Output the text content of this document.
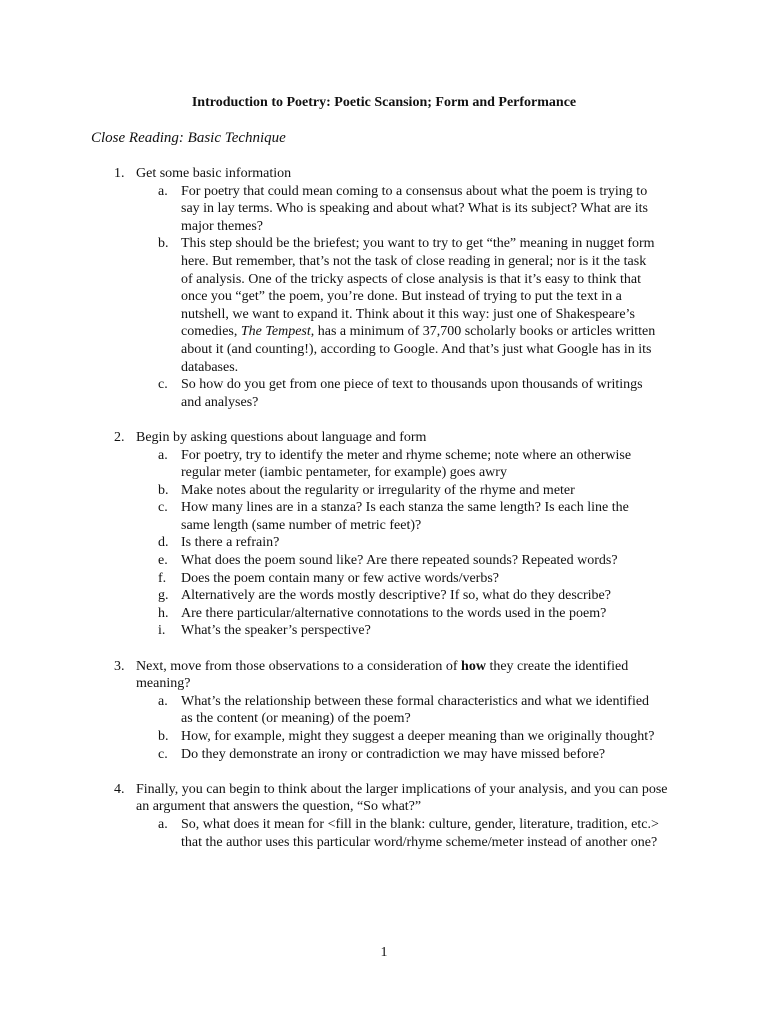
Introduction to Poetry: Poetic Scansion; Form and Performance
Close Reading: Basic Technique
1. Get some basic information
a. For poetry that could mean coming to a consensus about what the poem is trying to say in lay terms. Who is speaking and about what? What is its subject? What are its major themes?
b. This step should be the briefest; you want to try to get “the” meaning in nugget form here. But remember, that’s not the task of close reading in general; nor is it the task of analysis. One of the tricky aspects of close analysis is that it’s easy to think that once you “get” the poem, you’re done. But instead of trying to put the text in a nutshell, we want to expand it. Think about it this way: just one of Shakespeare’s comedies, The Tempest, has a minimum of 37,700 scholarly books or articles written about it (and counting!), according to Google. And that’s just what Google has in its databases.
c. So how do you get from one piece of text to thousands upon thousands of writings and analyses?
2. Begin by asking questions about language and form
a. For poetry, try to identify the meter and rhyme scheme; note where an otherwise regular meter (iambic pentameter, for example) goes awry
b. Make notes about the regularity or irregularity of the rhyme and meter
c. How many lines are in a stanza? Is each stanza the same length? Is each line the same length (same number of metric feet)?
d. Is there a refrain?
e. What does the poem sound like? Are there repeated sounds? Repeated words?
f.	Does the poem contain many or few active words/verbs?
g. Alternatively are the words mostly descriptive? If so, what do they describe?
h. Are there particular/alternative connotations to the words used in the poem?
i.	What’s the speaker’s perspective?
3. Next, move from those observations to a consideration of how they create the identified meaning?
a. What’s the relationship between these formal characteristics and what we identified as the content (or meaning) of the poem?
b. How, for example, might they suggest a deeper meaning than we originally thought?
c. Do they demonstrate an irony or contradiction we may have missed before?
4. Finally, you can begin to think about the larger implications of your analysis, and you can pose an argument that answers the question, “So what?”
a. So, what does it mean for <fill in the blank: culture, gender, literature, tradition, etc.> that the author uses this particular word/rhyme scheme/meter instead of another one?
1
